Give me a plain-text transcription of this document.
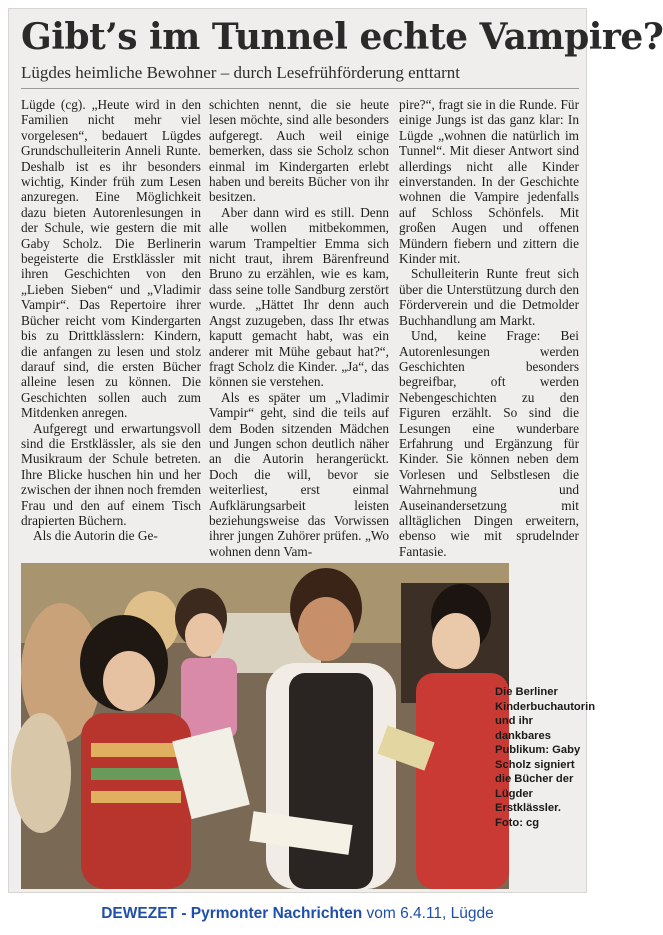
Gibt’s im Tunnel echte Vampire?
Lügdes heimliche Bewohner – durch Lesefrühförderung enttarnt

Lügde (cg). „Heute wird in den Familien nicht mehr viel vorgelesen“, bedauert Lügdes Grundschulleiterin Anneli Runte. Deshalb ist es ihr besonders wichtig, Kinder früh zum Lesen anzuregen. Eine Möglichkeit dazu bieten Autorenlesungen in der Schule, wie gestern die mit Gaby Scholz. Die Berlinerin begeisterte die Erstklässler mit ihren Geschichten von den „Lieben Sieben“ und „Vladimir Vampir“. Das Repertoire ihrer Bücher reicht vom Kindergarten bis zu Drittklässlern: Kindern, die anfangen zu lesen und stolz darauf sind, die ersten Bücher alleine lesen zu können. Die Geschichten sollen auch zum Mitdenken anregen.

Aufgeregt und erwartungsvoll sind die Erstklässler, als sie den Musikraum der Schule betreten. Ihre Blicke huschen hin und her zwischen der ihnen noch fremden Frau und den auf einem Tisch drapierten Büchern.

Als die Autorin die Ge-

schichten nennt, die sie heute lesen möchte, sind alle besonders aufgeregt. Auch weil einige bemerken, dass sie Scholz schon einmal im Kindergarten erlebt haben und bereits Bücher von ihr besitzen.

Aber dann wird es still. Denn alle wollen mitbekommen, warum Trampeltier Emma sich nicht traut, ihrem Bärenfreund Bruno zu erzählen, wie es kam, dass seine tolle Sandburg zerstört wurde. „Hättet Ihr denn auch Angst zuzugeben, dass Ihr etwas kaputt gemacht habt, was ein anderer mit Mühe gebaut hat?“, fragt Scholz die Kinder. „Ja“, das können sie verstehen.

Als es später um „Vladimir Vampir“ geht, sind die teils auf dem Boden sitzenden Mädchen und Jungen schon deutlich näher an die Autorin herangerückt. Doch die will, bevor sie weiterliest, erst einmal Aufklärungsarbeit leisten beziehungsweise das Vorwissen ihrer jungen Zuhörer prüfen. „Wo wohnen denn Vam-

pire?“, fragt sie in die Runde. Für einige Jungs ist das ganz klar: In Lügde „wohnen die natürlich im Tunnel“. Mit dieser Antwort sind allerdings nicht alle Kinder einverstanden. In der Geschichte wohnen die Vampire jedenfalls auf Schloss Schönfels. Mit großen Augen und offenen Mündern fiebern und zittern die Kinder mit.

Schulleiterin Runte freut sich über die Unterstützung durch den Förderverein und die Detmolder Buchhandlung am Markt.

Und, keine Frage: Bei Autorenlesungen werden Geschichten besonders begreifbar, oft werden Nebengeschichten zu den Figuren erzählt. So sind die Lesungen eine wunderbare Erfahrung und Ergänzung für Kinder. Sie können neben dem Vorlesen und Selbstlesen die Wahrnehmung und Auseinandersetzung mit alltäglichen Dingen erweitern, ebenso wie mit sprudelnder Fantasie.

Die Berliner Kinderbuchautorin und ihr dankbares Publikum: Gaby Scholz signiert die Bücher der Lügder Erstklässler. Foto: cg
DEWEZET - Pyrmonter Nachrichten vom 6.4.11, Lügde
